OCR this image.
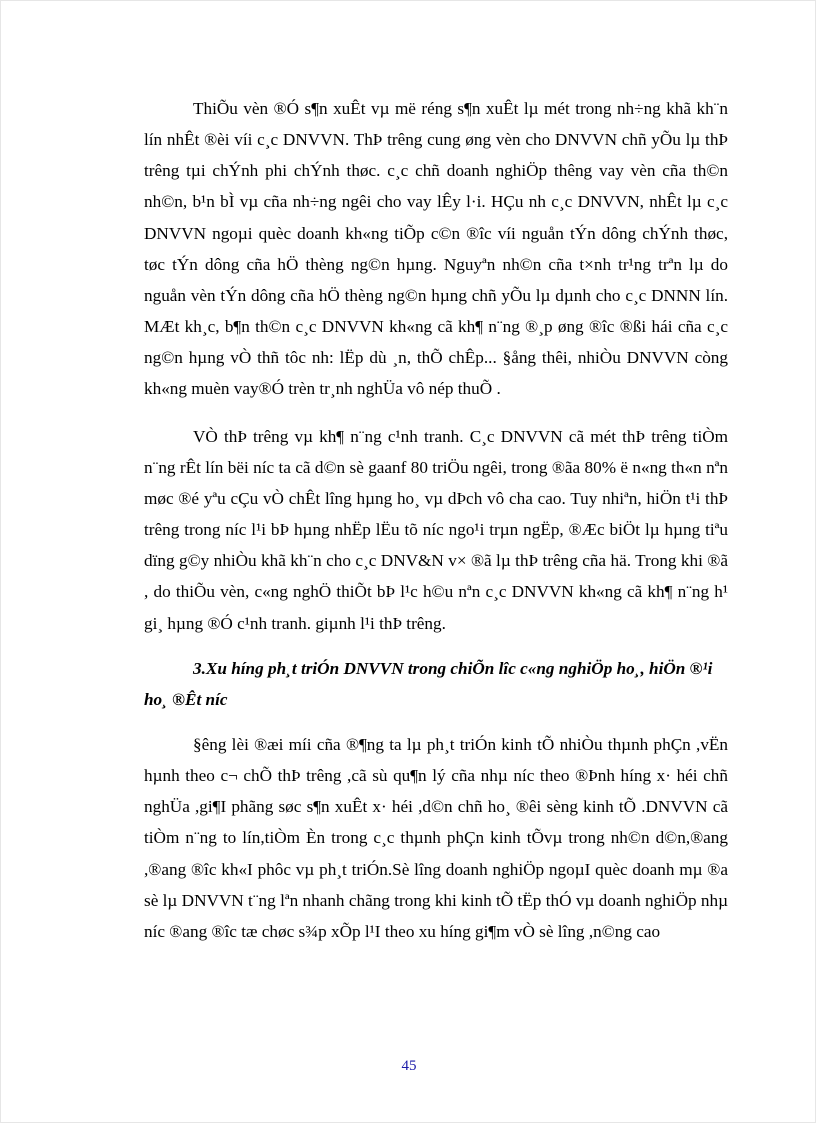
ThiÕu vèn ®Ó s¶n xuÊt vµ më réng s¶n xuÊt lµ mét trong nh÷ng khã kh¨n lín nhÊt ®èi víi c¸c DNVVN. ThÞ trêng cung øng vèn cho DNVVN chñ yÕu lµ thÞ trêng tµi chÝnh phi chÝnh thøc. c¸c chñ doanh nghiÖp thêng vay vèn cña th©n nh©n, b¹n bÌ vµ cña nh÷ng ngêi cho vay lÊy l·i. HÇu nh c¸c DNVVN, nhÊt lµ c¸c DNVVN ngoµi quèc doanh kh«ng tiÕp c©n ®îc víi nguån tÝn dông chÝnh thøc, tøc tÝn dông cña hÖ thèng ng©n hµng. Nguyªn nh©n cña t×nh tr¹ng trªn lµ do nguån vèn tÝn dông cña hÖ thèng ng©n hµng chñ yÕu lµ dµnh cho c¸c DNNN lín. MÆt kh¸c, b¶n th©n c¸c DNVVN kh«ng cã kh¶ n¨ng ®¸p øng ®îc ®ßi hái cña c¸c ng©n hµng vÒ thñ tôc nh: lËp dù ¸n, thÕ chÊp... §ång thêi, nhiÒu DNVVN còng kh«ng muèn vay®Ó trèn tr¸nh nghÜa vô nép thuÕ .

VÒ thÞ trêng vµ kh¶ n¨ng c¹nh tranh. C¸c DNVVN cã mét thÞ trêng tiÒm n¨ng rÊt lín bëi níc ta cã d©n sè gaanf 80 triÖu ngêi, trong ®ãa 80% ë n«ng th«n nªn møc ®é yªu cÇu vÒ chÊt lîng hµng ho¸ vµ dÞch vô cha cao. Tuy nhiªn, hiÖn t¹i thÞ trêng trong níc l¹i bÞ hµng nhËp lËu tõ níc ngo¹i trµn ngËp, ®Æc biÖt lµ hµng tiªu dïng g©y nhiÒu khã kh¨n cho c¸c DNV&N v× ®ã lµ thÞ trêng cña hä. Trong khi ®ã , do thiÕu vèn, c«ng nghÖ thiÕt bÞ l¹c h©u nªn c¸c DNVVN kh«ng cã kh¶ n¨ng h¹ gi¸ hµng ®Ó c¹nh tranh. giµnh l¹i thÞ trêng.

3.Xu híng ph¸t triÓn DNVVN trong chiÕn lîc c«ng nghiÖp ho¸, hiÖn ®¹i ho¸ ®Êt níc

§êng lèi ®æi míi cña ®¶ng ta lµ ph¸t triÓn kinh tÕ nhiÒu thµnh phÇn ,vËn hµnh theo c¬ chÕ thÞ trêng ,cã sù qu¶n lý cña nhµ níc theo ®Þnh híng x· héi chñ nghÜa ,gi¶I phãng søc s¶n xuÊt x· héi ,d©n chñ ho¸ ®êi sèng kinh tÕ .DNVVN cã tiÒm n¨ng to lín,tiÒm Èn trong c¸c thµnh phÇn kinh tÕvµ trong nh©n d©n,®ang ,®ang ®îc kh«I phôc vµ ph¸t triÓn.Sè lîng doanh nghiÖp ngoµI quèc doanh mµ ®a sè lµ DNVVN t¨ng lªn nhanh chãng trong khi kinh tÕ tËp thÓ vµ doanh nghiÖp nhµ níc ®ang ®îc tæ chøc s¾p xÕp l¹I theo xu híng gi¶m vÒ sè lîng ,n©ng cao

45
